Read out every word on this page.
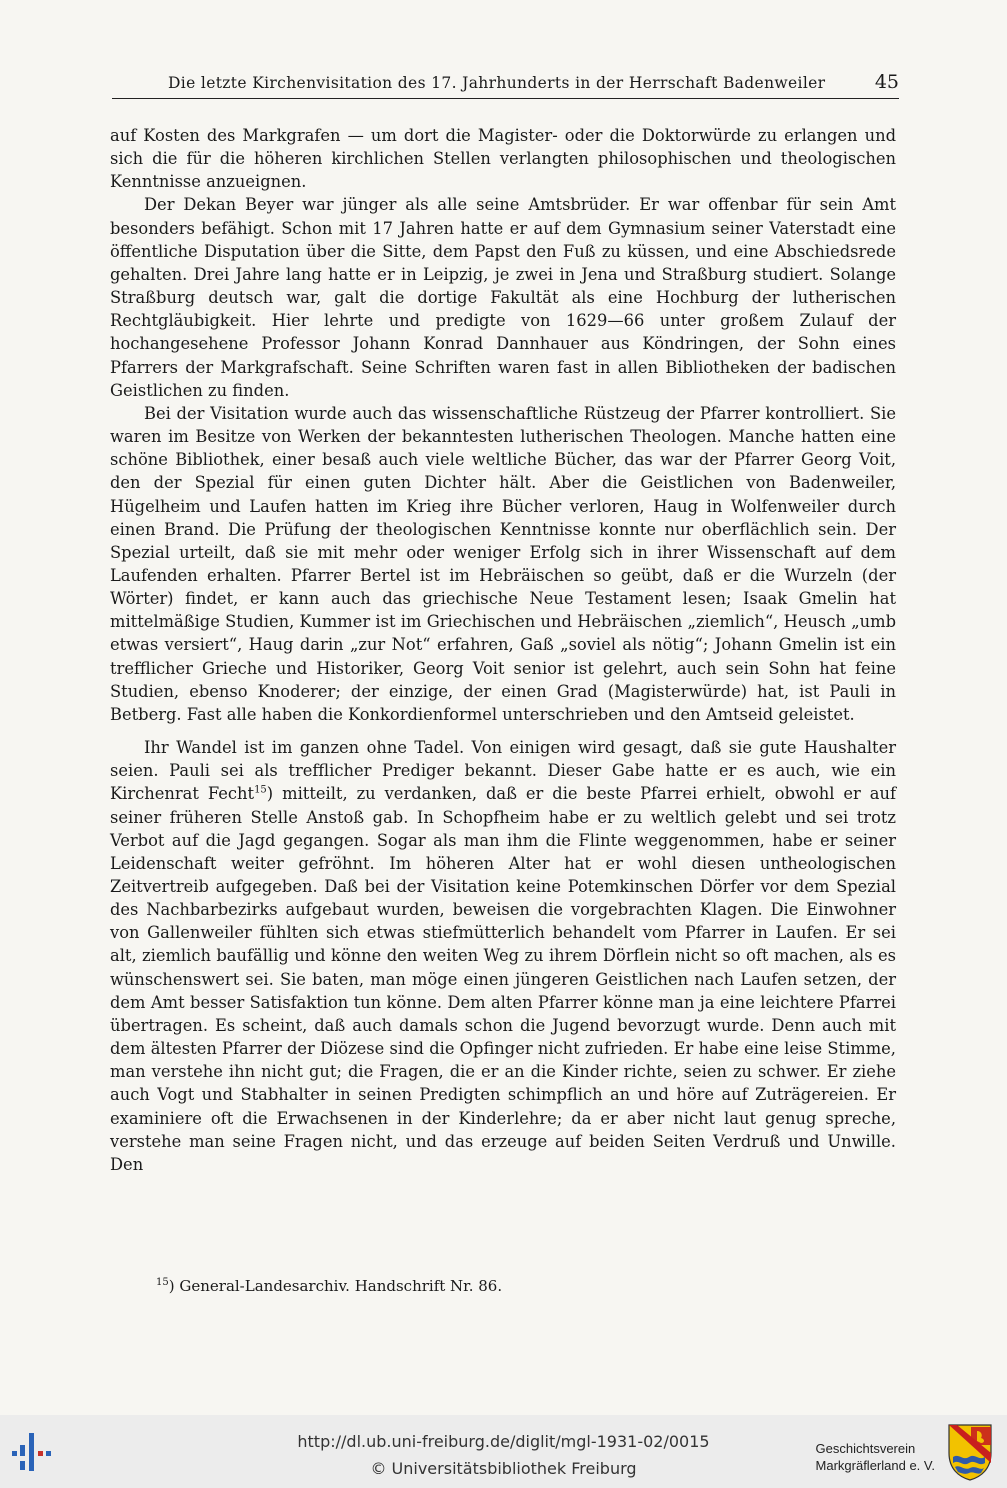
Die letzte Kirchenvisitation des 17. Jahrhunderts in der Herrschaft Badenweiler	45

auf Kosten des Markgrafen — um dort die Magister- oder die Doktorwürde zu erlangen und sich die für die höheren kirchlichen Stellen verlangten philosophischen und theologischen Kenntnisse anzueignen.

Der Dekan Beyer war jünger als alle seine Amtsbrüder. Er war offenbar für sein Amt besonders befähigt. Schon mit 17 Jahren hatte er auf dem Gymnasium seiner Vaterstadt eine öffentliche Disputation über die Sitte, dem Papst den Fuß zu küssen, und eine Abschiedsrede gehalten. Drei Jahre lang hatte er in Leipzig, je zwei in Jena und Straßburg studiert. Solange Straßburg deutsch war, galt die dortige Fakultät als eine Hochburg der lutherischen Rechtgläubigkeit. Hier lehrte und predigte von 1629—66 unter großem Zulauf der hochangesehene Professor Johann Konrad Dannhauer aus Köndringen, der Sohn eines Pfarrers der Markgrafschaft. Seine Schriften waren fast in allen Bibliotheken der badischen Geistlichen zu finden.

Bei der Visitation wurde auch das wissenschaftliche Rüstzeug der Pfarrer kontrolliert. Sie waren im Besitze von Werken der bekanntesten lutherischen Theologen. Manche hatten eine schöne Bibliothek, einer besaß auch viele weltliche Bücher, das war der Pfarrer Georg Voit, den der Spezial für einen guten Dichter hält. Aber die Geistlichen von Badenweiler, Hügelheim und Laufen hatten im Krieg ihre Bücher verloren, Haug in Wolfenweiler durch einen Brand. Die Prüfung der theologischen Kenntnisse konnte nur oberflächlich sein. Der Spezial urteilt, daß sie mit mehr oder weniger Erfolg sich in ihrer Wissenschaft auf dem Laufenden erhalten. Pfarrer Bertel ist im Hebräischen so geübt, daß er die Wurzeln (der Wörter) findet, er kann auch das griechische Neue Testament lesen; Isaak Gmelin hat mittelmäßige Studien, Kummer ist im Griechischen und Hebräischen „ziemlich“, Heusch „umb etwas versiert“, Haug darin „zur Not“ erfahren, Gaß „soviel als nötig“; Johann Gmelin ist ein trefflicher Grieche und Historiker, Georg Voit senior ist gelehrt, auch sein Sohn hat feine Studien, ebenso Knoderer; der einzige, der einen Grad (Magisterwürde) hat, ist Pauli in Betberg. Fast alle haben die Konkordienformel unterschrieben und den Amtseid geleistet.

Ihr Wandel ist im ganzen ohne Tadel. Von einigen wird gesagt, daß sie gute Haushalter seien. Pauli sei als trefflicher Prediger bekannt. Dieser Gabe hatte er es auch, wie ein Kirchenrat Fecht$^{15}$) mitteilt, zu verdanken, daß er die beste Pfarrei erhielt, obwohl er auf seiner früheren Stelle Anstoß gab. In Schopfheim habe er zu weltlich gelebt und sei trotz Verbot auf die Jagd gegangen. Sogar als man ihm die Flinte weggenommen, habe er seiner Leidenschaft weiter gefröhnt. Im höheren Alter hat er wohl diesen untheologischen Zeitvertreib aufgegeben. Daß bei der Visitation keine Potemkinschen Dörfer vor dem Spezial des Nachbarbezirks aufgebaut wurden, beweisen die vorgebrachten Klagen. Die Einwohner von Gallenweiler fühlten sich etwas stiefmütterlich behandelt vom Pfarrer in Laufen. Er sei alt, ziemlich baufällig und könne den weiten Weg zu ihrem Dörflein nicht so oft machen, als es wünschenswert sei. Sie baten, man möge einen jüngeren Geistlichen nach Laufen setzen, der dem Amt besser Satisfaktion tun könne. Dem alten Pfarrer könne man ja eine leichtere Pfarrei übertragen. Es scheint, daß auch damals schon die Jugend bevorzugt wurde. Denn auch mit dem ältesten Pfarrer der Diözese sind die Opfinger nicht zufrieden. Er habe eine leise Stimme, man verstehe ihn nicht gut; die Fragen, die er an die Kinder richte, seien zu schwer. Er ziehe auch Vogt und Stabhalter in seinen Predigten schimpflich an und höre auf Zuträgereien. Er examiniere oft die Erwachsenen in der Kinderlehre; da er aber nicht laut genug spreche, verstehe man seine Fragen nicht, und das erzeuge auf beiden Seiten Verdruß und Unwille. Den

$^{15}$) General-Landesarchiv. Handschrift Nr. 86.
http://dl.ub.uni-freiburg.de/diglit/mgl-1931-02/0015
© Universitätsbibliothek Freiburg
Geschichtsverein
Markgräflerland e. V.
